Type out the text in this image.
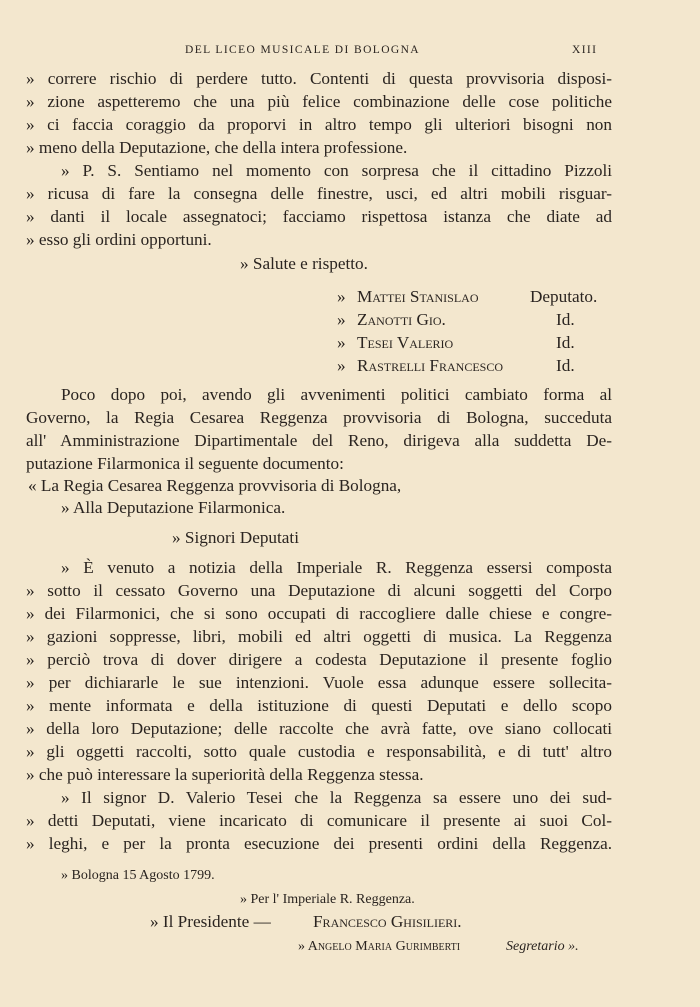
DEL LICEO MUSICALE DI BOLOGNA	XIII
» correre rischio di perdere tutto. Contenti di questa provvisoria disposi-
» zione aspetteremo che una più felice combinazione delle cose politiche
» ci faccia coraggio da proporvi in altro tempo gli ulteriori bisogni non
» meno della Deputazione, che della intera professione.
» P. S. Sentiamo nel momento con sorpresa che il cittadino Pizzoli
» ricusa di fare la consegna delle finestre, usci, ed altri mobili risguar-
» danti il locale assegnatoci; facciamo rispettosa istanza che diate ad
» esso gli ordini opportuni.
» Salute e rispetto.
» Mattei Stanislao	Deputato.
» Zanotti Gio.	Id.
» Tesei Valerio	Id.
» Rastrelli Francesco	Id.
Poco dopo poi, avendo gli avvenimenti politici cambiato forma al
Governo, la Regia Cesarea Reggenza provvisoria di Bologna, succeduta
all' Amministrazione Dipartimentale del Reno, dirigeva alla suddetta De-
putazione Filarmonica il seguente documento:
« La Regia Cesarea Reggenza provvisoria di Bologna,
» Alla Deputazione Filarmonica.
» Signori Deputati
» È venuto a notizia della Imperiale R. Reggenza essersi composta
» sotto il cessato Governo una Deputazione di alcuni soggetti del Corpo
» dei Filarmonici, che si sono occupati di raccogliere dalle chiese e congre-
» gazioni soppresse, libri, mobili ed altri oggetti di musica. La Reggenza
» perciò trova di dover dirigere a codesta Deputazione il presente foglio
» per dichiararle le sue intenzioni. Vuole essa adunque essere sollecita-
» mente informata e della istituzione di questi Deputati e dello scopo
» della loro Deputazione; delle raccolte che avrà fatte, ove siano collocati
» gli oggetti raccolti, sotto quale custodia e responsabilità, e di tutt' altro
» che può interessare la superiorità della Reggenza stessa.
» Il signor D. Valerio Tesei che la Reggenza sa essere uno dei sud-
» detti Deputati, viene incaricato di comunicare il presente ai suoi Col-
» leghi, e per la pronta esecuzione dei presenti ordini della Reggenza.
» Bologna 15 Agosto 1799.
» Per l' Imperiale R. Reggenza.
» Il Presidente — Francesco Ghisilieri.
» Angelo Maria Gurimberti	Segretario ».
